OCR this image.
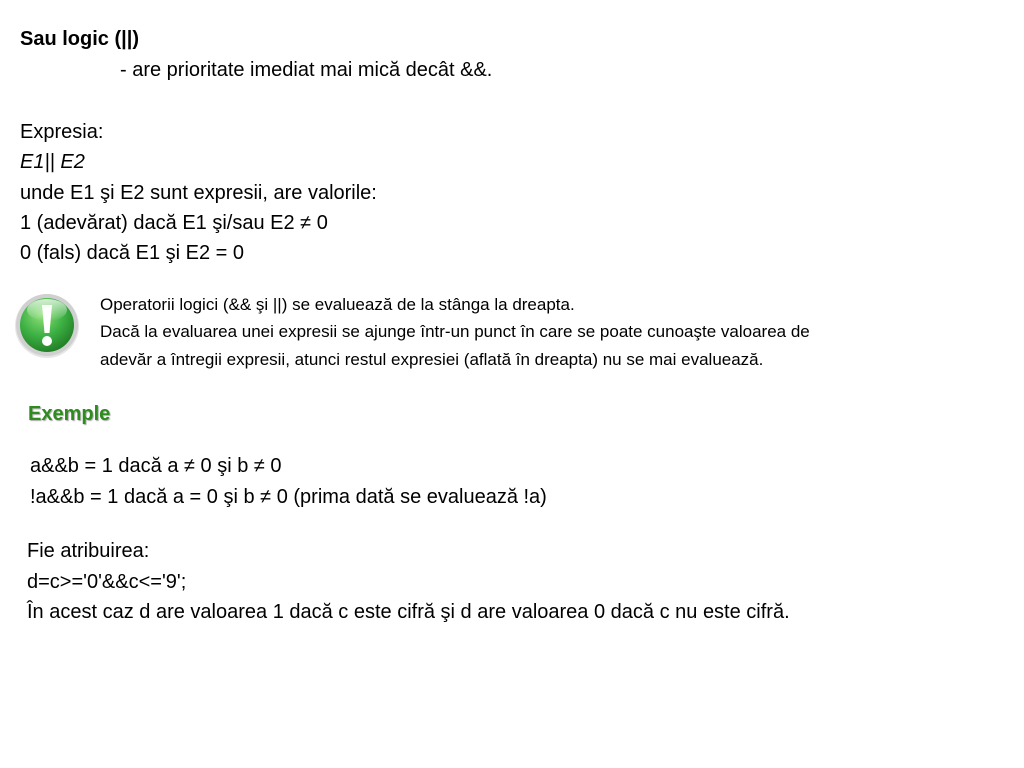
Sau logic (||)
- are prioritate imediat mai mică decât &&.
Expresia:
E1|| E2
unde E1 şi E2 sunt expresii, are valorile:
1 (adevărat) dacă E1 şi/sau E2 ≠ 0
0 (fals) dacă E1 şi E2 = 0
Operatorii logici (&& şi ||) se evaluează de la stânga la dreapta.
Dacă la evaluarea unei expresii se ajunge într-un punct în care se poate cunoaşte valoarea de
adevăr a întregii expresii, atunci restul expresiei (aflată în dreapta) nu se mai evaluează.
Exemple
a&&b = 1 dacă a ≠ 0 şi b ≠ 0
!a&&b = 1 dacă a = 0 şi b ≠ 0 (prima dată se evaluează !a)
Fie atribuirea:
d=c>='0'&&c<='9';
În acest caz d are valoarea 1 dacă c este cifră şi d are valoarea 0 dacă c nu este cifră.
